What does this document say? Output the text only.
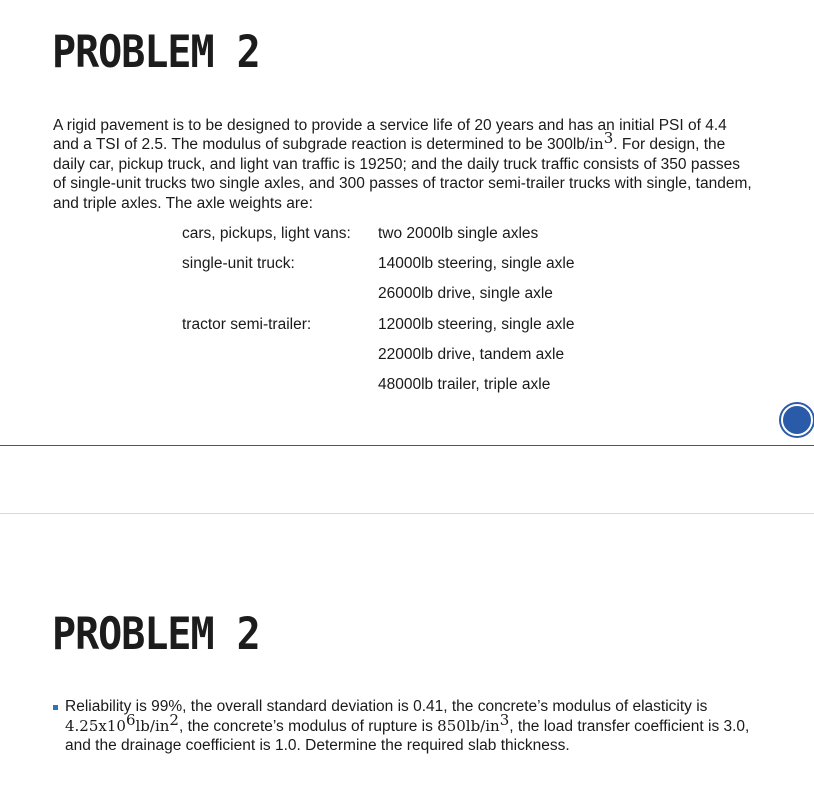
PROBLEM 2
A rigid pavement is to be designed to provide a service life of 20 years and has an initial PSI of 4.4 and a TSI of 2.5. The modulus of subgrade reaction is determined to be $300lb/in^3$. For design, the daily car, pickup truck, and light van traffic is 19250; and the daily truck traffic consists of 350 passes of single-unit trucks two single axles, and 300 passes of tractor semi-trailer trucks with single, tandem, and triple axles. The axle weights are:
cars, pickups, light vans: two 2000lb single axles
single-unit truck:	14000lb steering, single axle
26000lb drive, single axle
tractor semi-trailer:	12000lb steering, single axle
22000lb drive, tandem axle
48000lb trailer, triple axle
PROBLEM 2
Reliability is 99%, the overall standard deviation is 0.41, the concrete’s modulus of elasticity is $4.25x10^6lb/in^2$, the concrete’s modulus of rupture is $850lb/in^3$, the load transfer coefficient is 3.0, and the drainage coefficient is 1.0. Determine the required slab thickness.
